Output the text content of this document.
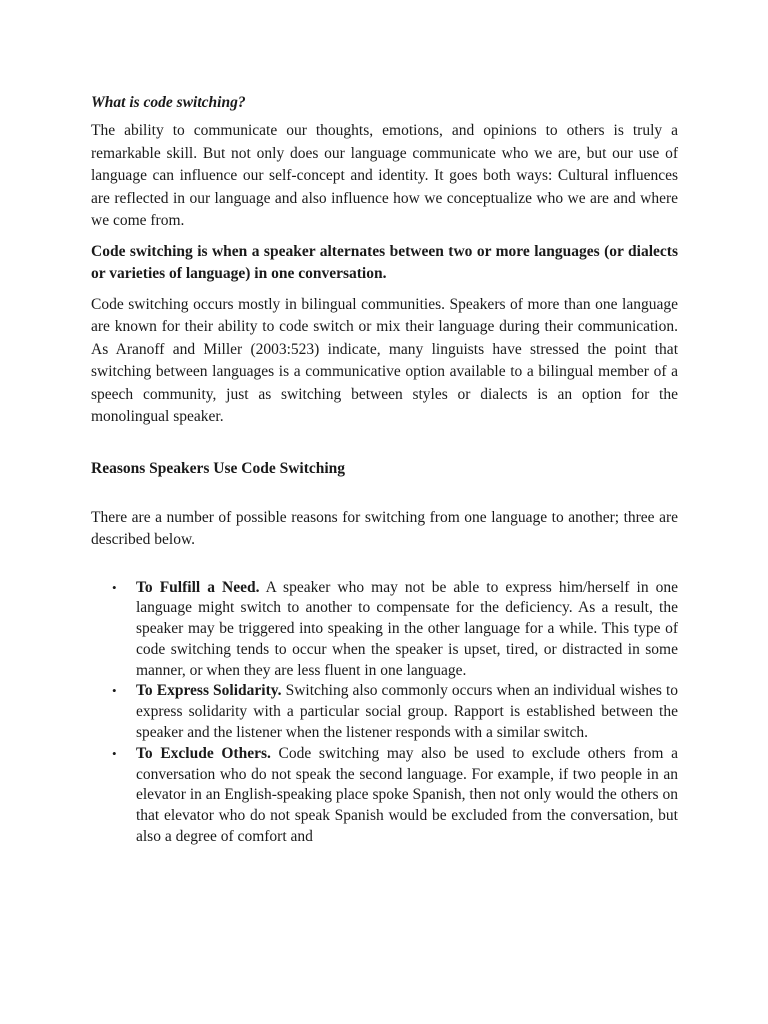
What is code switching?

The ability to communicate our thoughts, emotions, and opinions to others is truly a remarkable skill. But not only does our language communicate who we are, but our use of language can influence our self-concept and identity. It goes both ways: Cultural influences are reflected in our language and also influence how we conceptualize who we are and where we come from.

Code switching is when a speaker alternates between two or more languages (or dialects or varieties of language) in one conversation.

Code switching occurs mostly in bilingual communities. Speakers of more than one language are known for their ability to code switch or mix their language during their communication. As Aranoff and Miller (2003:523) indicate, many linguists have stressed the point that switching between languages is a communicative option available to a bilingual member of a speech community, just as switching between styles or dialects is an option for the monolingual speaker.

Reasons Speakers Use Code Switching

There are a number of possible reasons for switching from one language to another; three are described below.

• To Fulfill a Need. A speaker who may not be able to express him/herself in one language might switch to another to compensate for the deficiency. As a result, the speaker may be triggered into speaking in the other language for a while. This type of code switching tends to occur when the speaker is upset, tired, or distracted in some manner, or when they are less fluent in one language.
• To Express Solidarity. Switching also commonly occurs when an individual wishes to express solidarity with a particular social group. Rapport is established between the speaker and the listener when the listener responds with a similar switch.
• To Exclude Others. Code switching may also be used to exclude others from a conversation who do not speak the second language. For example, if two people in an elevator in an English-speaking place spoke Spanish, then not only would the others on that elevator who do not speak Spanish would be excluded from the conversation, but also a degree of comfort and
